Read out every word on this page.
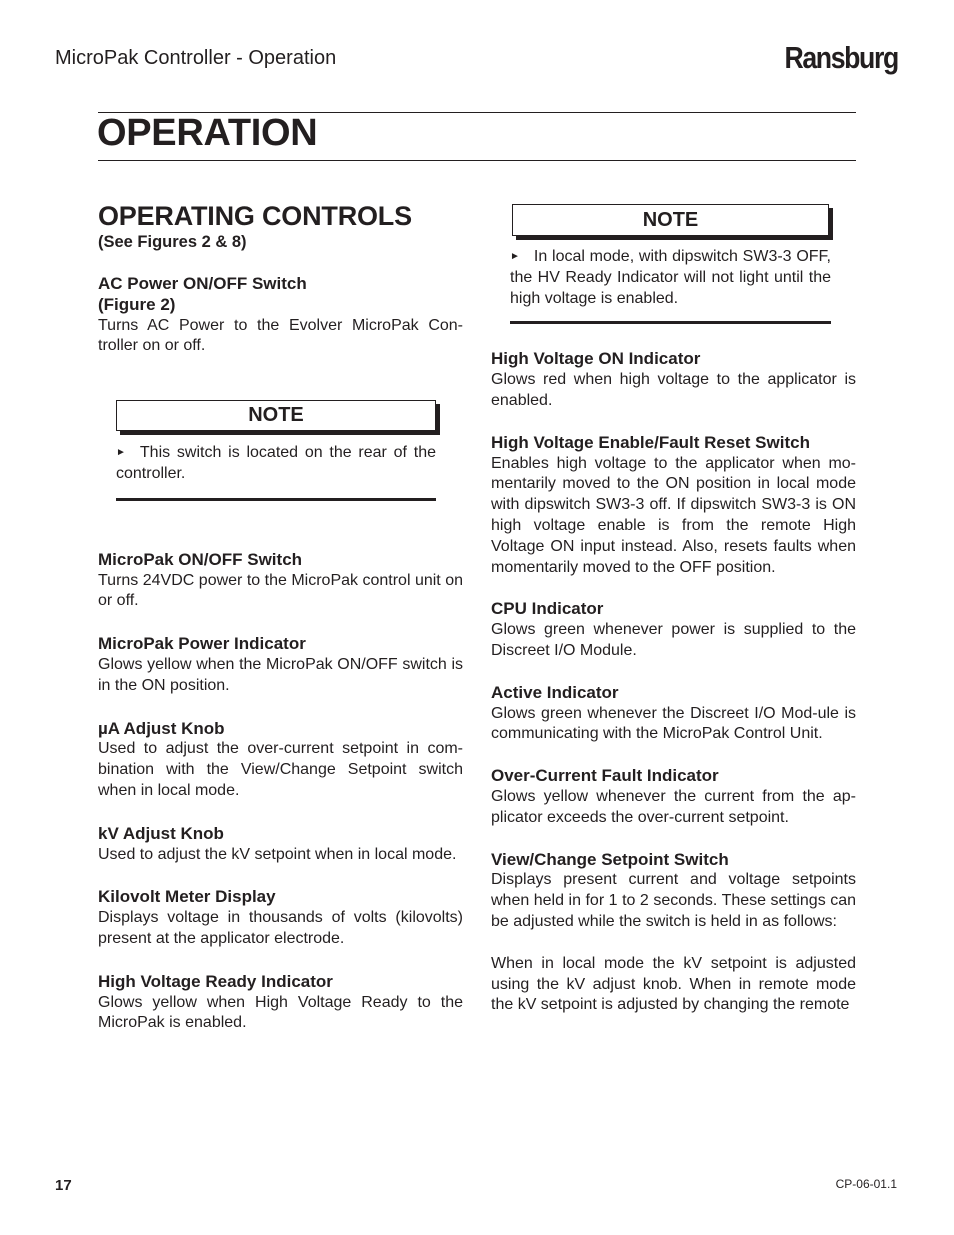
MicroPak Controller - Operation	Ransburg
OPERATION
OPERATING CONTROLS
(See Figures 2 & 8)
AC Power ON/OFF Switch
(Figure 2)

Turns AC Power to the Evolver MicroPak Con-troller on or off.

NOTE
► This switch is located on the rear of the controller.
MicroPak ON/OFF Switch

Turns 24VDC power to the MicroPak control unit on or off.

MicroPak Power Indicator

Glows yellow when the MicroPak ON/OFF switch is in the ON position.

µA Adjust Knob

Used to adjust the over-current setpoint in com-bination with the View/Change Setpoint switch when in local mode.

kV Adjust Knob

Used to adjust the kV setpoint when in local mode.

Kilovolt Meter Display

Displays voltage in thousands of volts (kilovolts) present at the applicator electrode.

High Voltage Ready Indicator

Glows yellow when High Voltage Ready to the MicroPak is enabled.

NOTE
► In local mode, with dipswitch SW3-3 OFF, the HV Ready Indicator will not light until the high voltage is enabled.
High Voltage ON Indicator

Glows red when high voltage to the applicator is enabled.

High Voltage Enable/Fault Reset Switch

Enables high voltage to the applicator when mo-mentarily moved to the ON position in local mode with dipswitch SW3-3 off. If dipswitch SW3-3 is ON high voltage enable is from the remote High Voltage ON input instead. Also, resets faults when momentarily moved to the OFF position.

CPU Indicator

Glows green whenever power is supplied to the Discreet I/O Module.

Active Indicator

Glows green whenever the Discreet I/O Mod-ule is communicating with the MicroPak Control Unit.

Over-Current Fault Indicator

Glows yellow whenever the current from the ap-plicator exceeds the over-current setpoint.

View/Change Setpoint Switch

Displays present current and voltage setpoints when held in for 1 to 2 seconds. These settings can be adjusted while the switch is held in as follows:

When in local mode the kV setpoint is adjusted using the kV adjust knob. When in remote mode the kV setpoint is adjusted by changing the remote

17	CP-06-01.1
